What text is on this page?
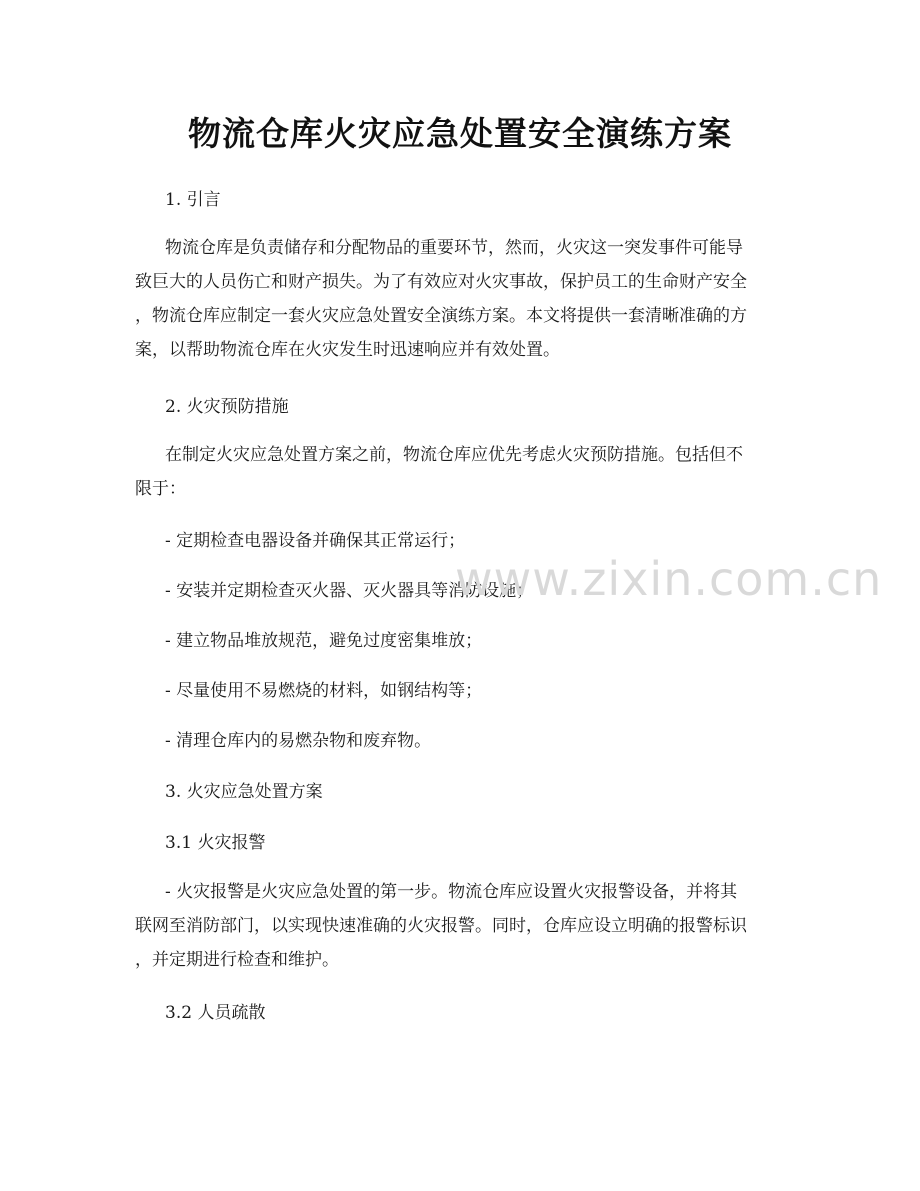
物流仓库火灾应急处置安全演练方案
1. 引言
物流仓库是负责储存和分配物品的重要环节，然而，火灾这一突发事件可能导
致巨大的人员伤亡和财产损失。为了有效应对火灾事故，保护员工的生命财产安全
，物流仓库应制定一套火灾应急处置安全演练方案。本文将提供一套清晰准确的方
案，以帮助物流仓库在火灾发生时迅速响应并有效处置。
2. 火灾预防措施
在制定火灾应急处置方案之前，物流仓库应优先考虑火灾预防措施。包括但不
限于：
- 定期检查电器设备并确保其正常运行；
- 安装并定期检查灭火器、灭火器具等消防设施；
- 建立物品堆放规范，避免过度密集堆放；
- 尽量使用不易燃烧的材料，如钢结构等；
- 清理仓库内的易燃杂物和废弃物。
3. 火灾应急处置方案
3.1 火灾报警
- 火灾报警是火灾应急处置的第一步。物流仓库应设置火灾报警设备，并将其
联网至消防部门，以实现快速准确的火灾报警。同时，仓库应设立明确的报警标识
，并定期进行检查和维护。
3.2 人员疏散
www.zixin.com.cn
